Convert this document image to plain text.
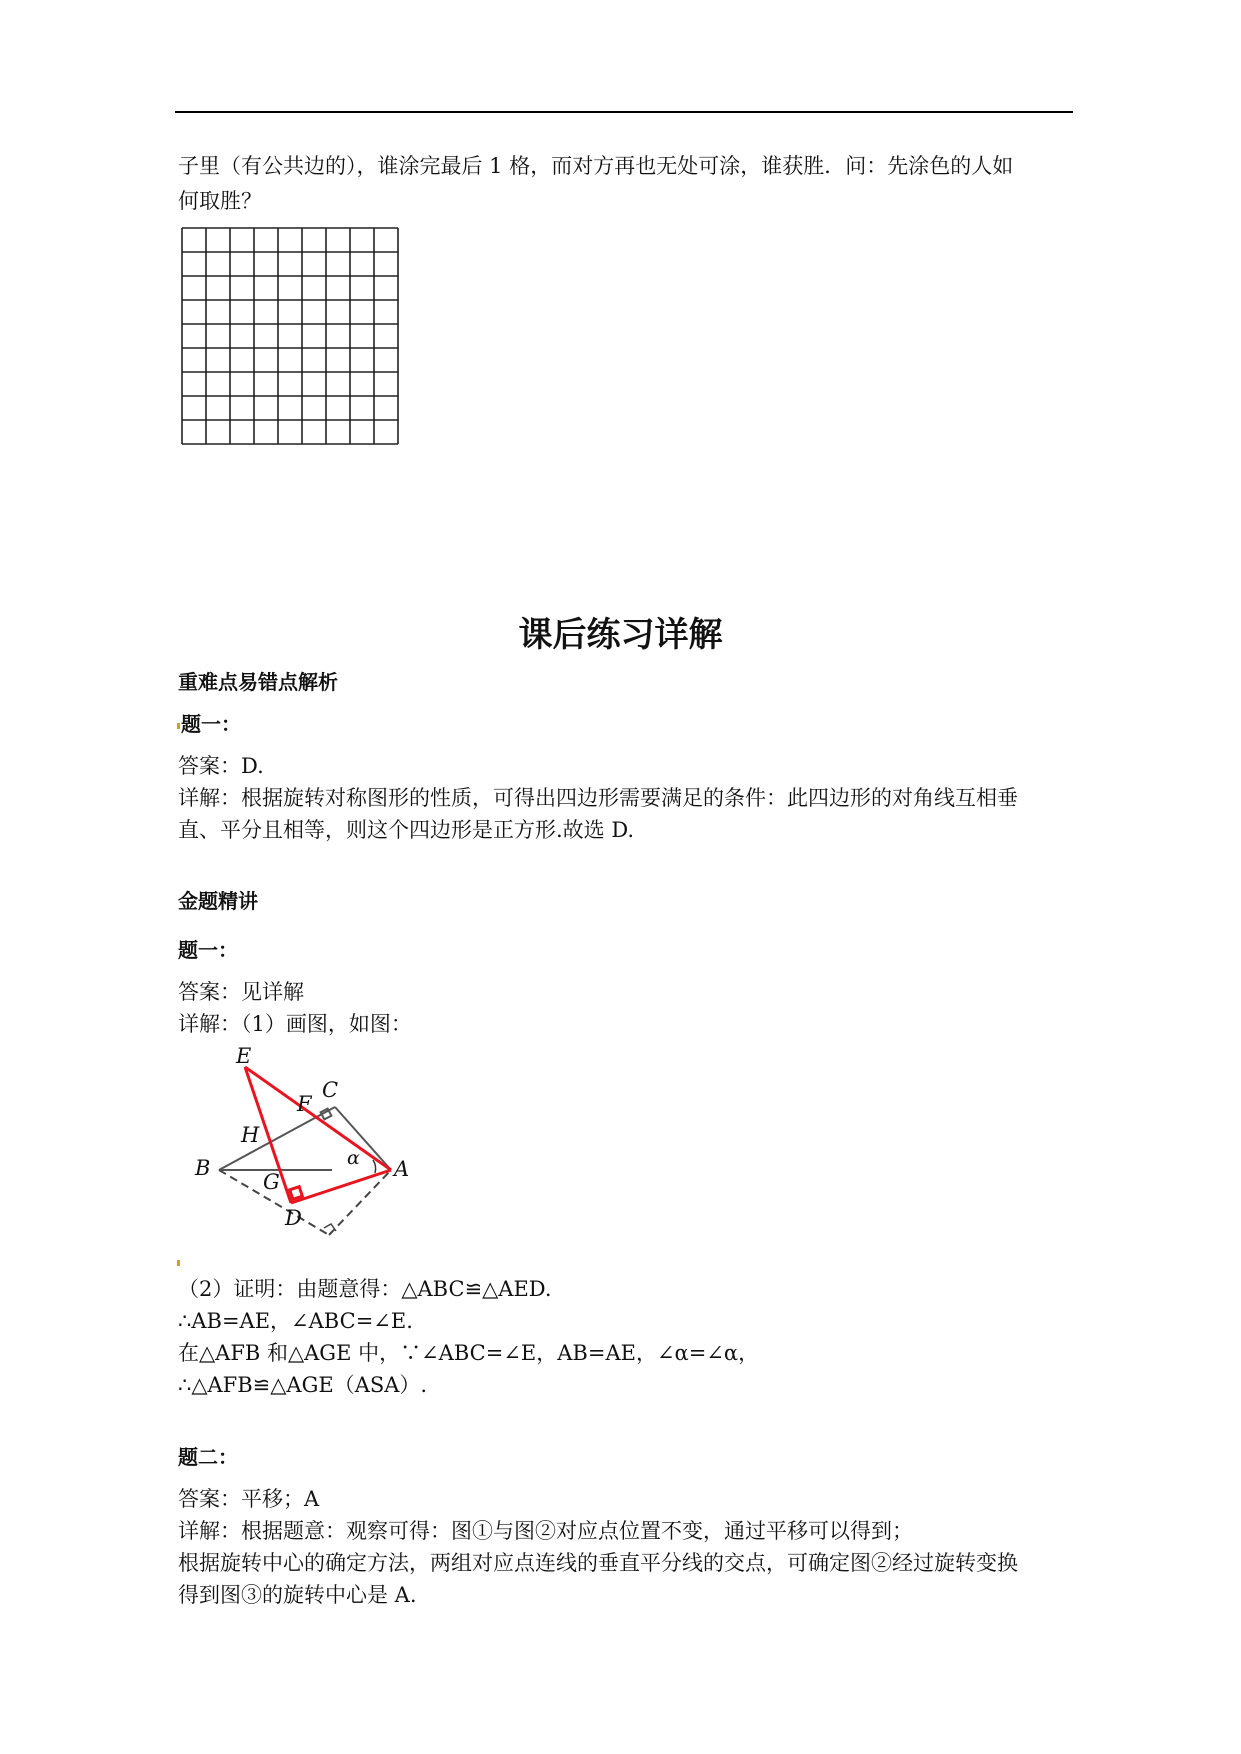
子里（有公共边的），谁涂完最后 1 格，而对方再也无处可涂，谁获胜．问：先涂色的人如
何取胜？
课后练习详解
重难点易错点解析
题一：
答案：D.
详解：根据旋转对称图形的性质，可得出四边形需要满足的条件：此四边形的对角线互相垂
直、平分且相等，则这个四边形是正方形.故选 D.
金题精讲
题一：
答案：见详解
详解：（1）画图，如图：
E
C
F
H
B
G
D
A
α
（2）证明：由题意得：△ABC≌△AED.
∴AB=AE，∠ABC=∠E.
在△AFB 和△AGE 中，∵∠ABC=∠E，AB=AE，∠α=∠α，
∴△AFB≌△AGE（ASA）.
题二：
答案：平移；A
详解：根据题意：观察可得：图①与图②对应点位置不变，通过平移可以得到；
根据旋转中心的确定方法，两组对应点连线的垂直平分线的交点，可确定图②经过旋转变换
得到图③的旋转中心是 A.
